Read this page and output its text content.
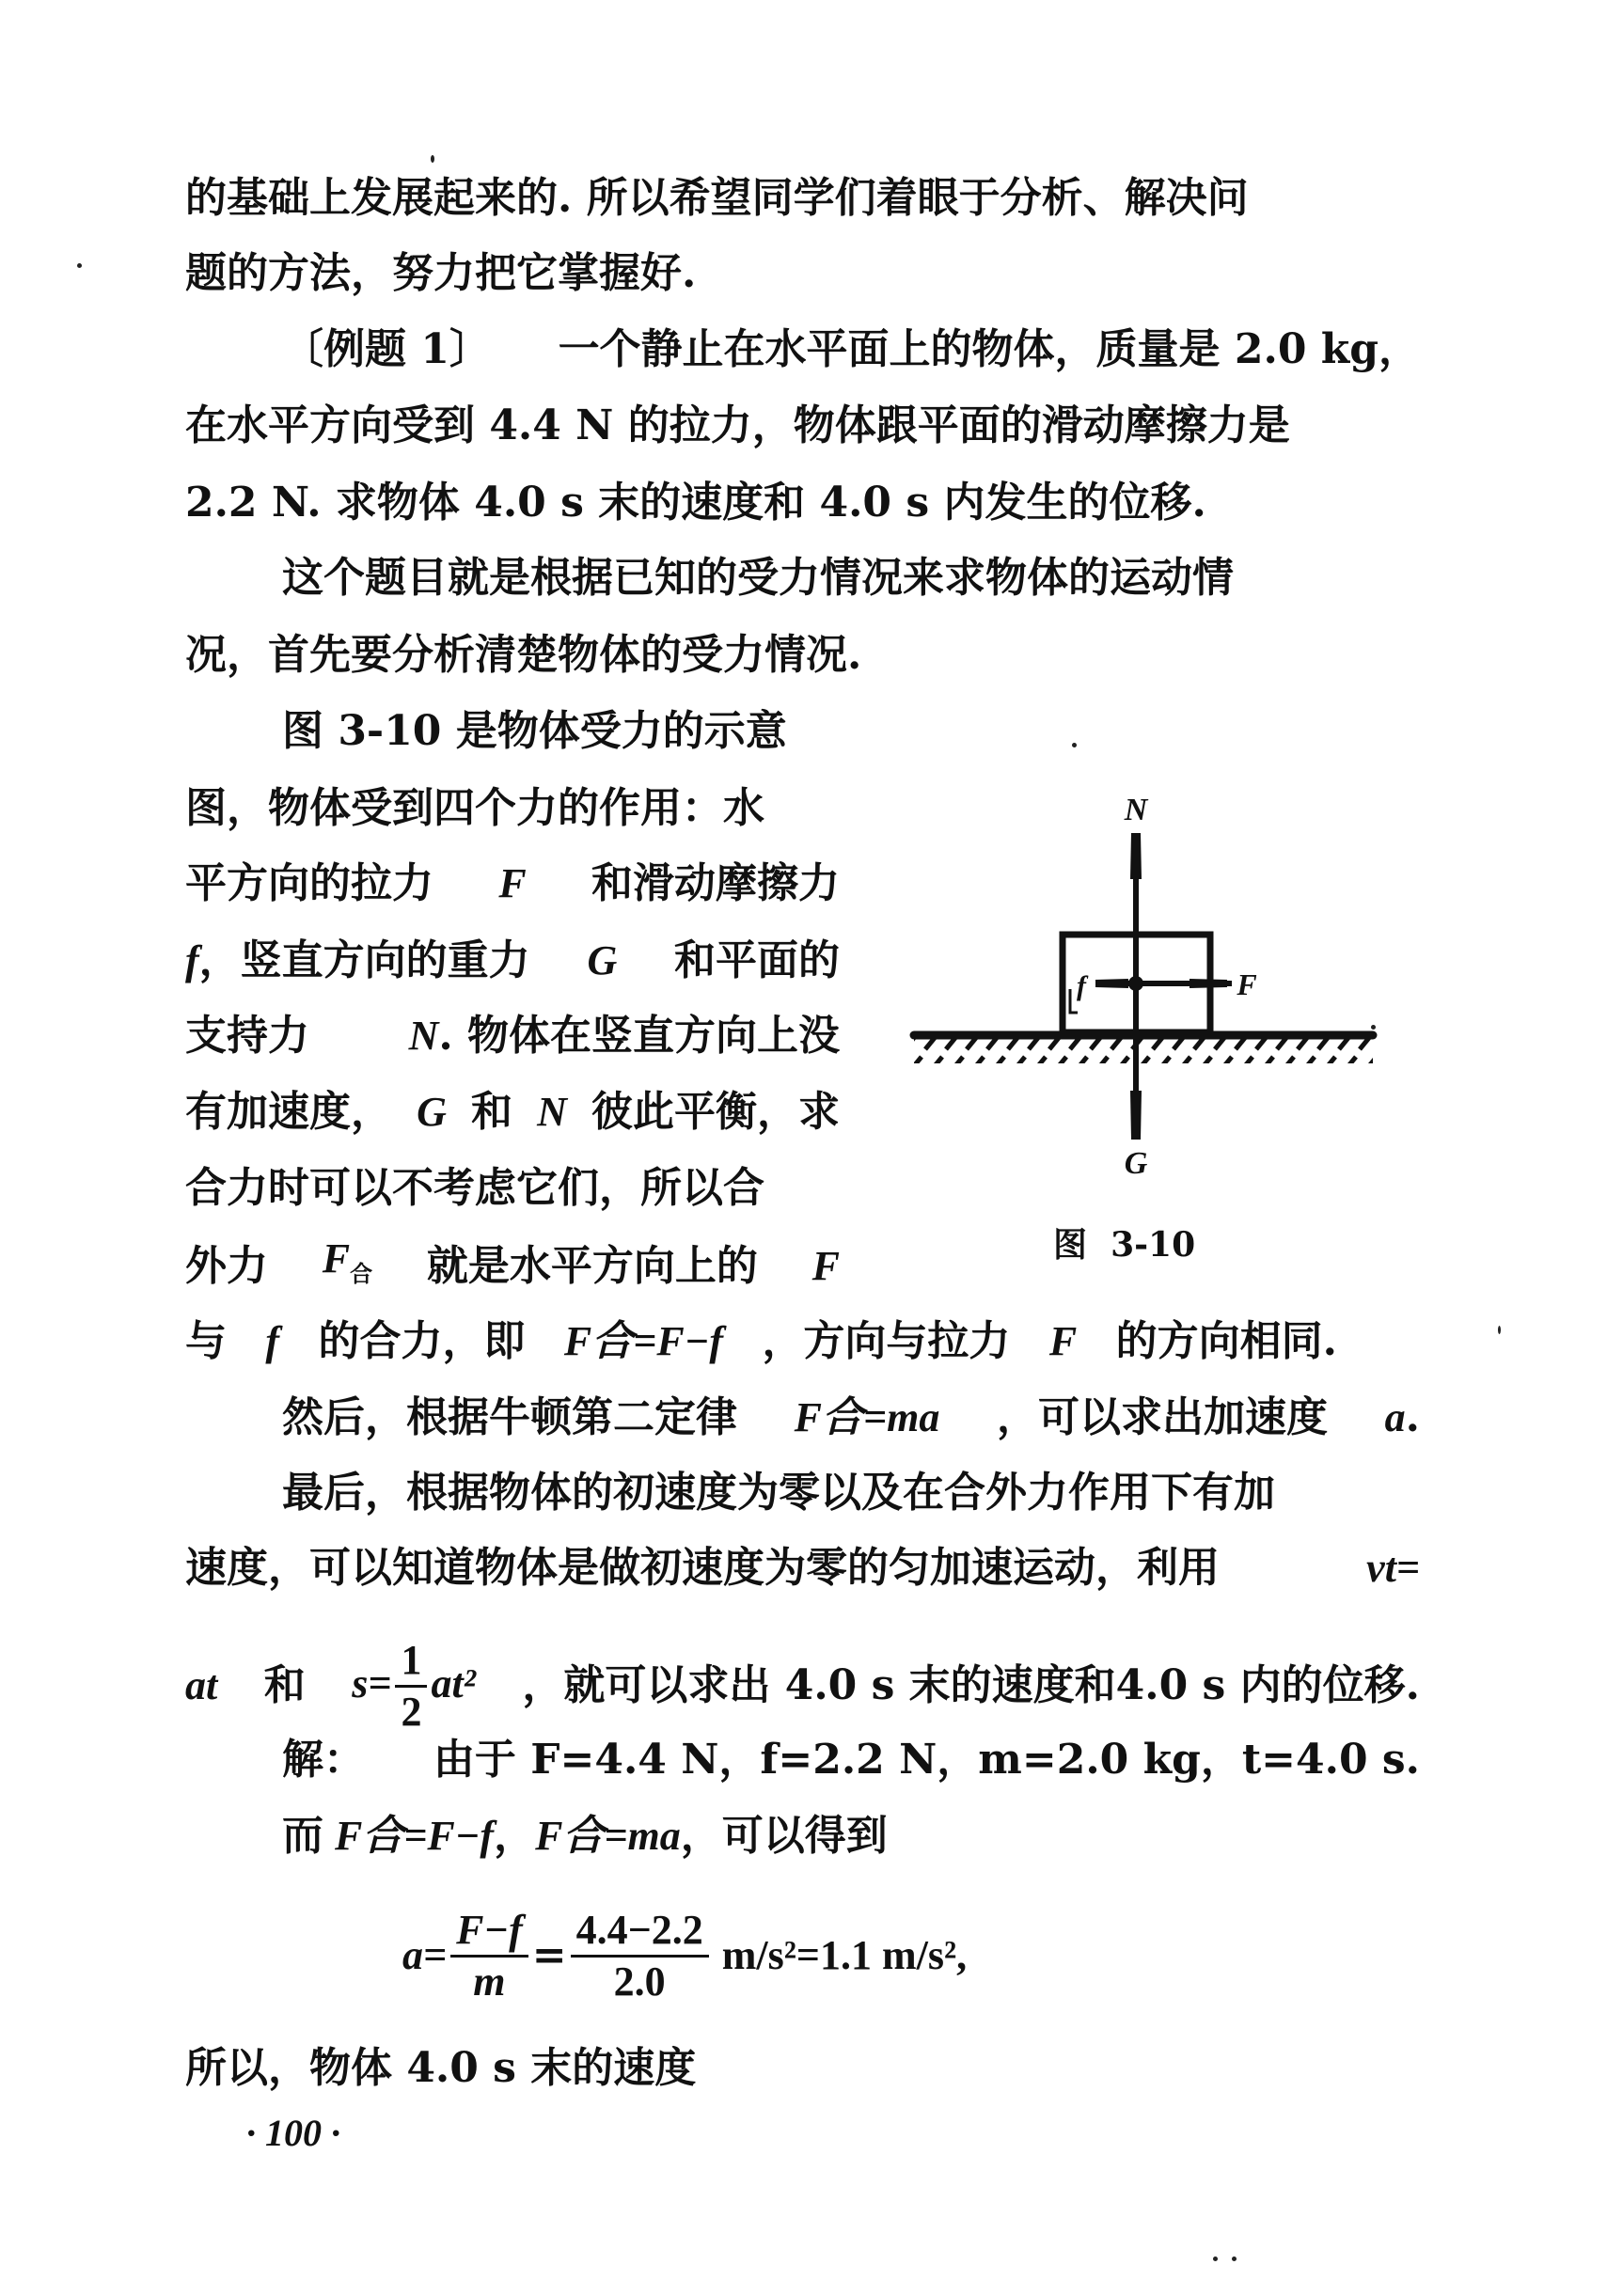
的基础上发展起来的. 所以希望同学们着眼于分析、解决问
题的方法，努力把它掌握好.
〔例题 1〕 一个静止在水平面上的物体，质量是 2.0 kg，
在水平方向受到 4.4 N 的拉力，物体跟平面的滑动摩擦力是
2.2 N. 求物体 4.0 s 末的速度和 4.0 s 内发生的位移.
这个题目就是根据已知的受力情况来求物体的运动情
况，首先要分析清楚物体的受力情况.
图 3-10 是物体受力的示意
图，物体受到四个力的作用：水
平方向的拉力 F 和滑动摩擦力
f，竖直方向的重力 G 和平面的
支持力 N. 物体在竖直方向上没
有加速度， G 和 N 彼此平衡，求
合力时可以不考虑它们，所以合
外力 $F_合$ 就是水平方向上的 F
与 f 的合力，即 F合=F−f ，方向与拉力 F 的方向相同.
然后，根据牛顿第二定律 F合=ma ，可以求出加速度 a.
最后，根据物体的初速度为零以及在合外力作用下有加
速度，可以知道物体是做初速度为零的匀加速运动，利用	vt=
at 和 $s= \frac{1}{2} at^2$ ，就可以求出 4.0 s 末的速度和4.0 s 内的位移.
解： 由于 F=4.4 N，f=2.2 N，m=2.0 kg，t=4.0 s.
而 F合=F−f ， F合=ma ，可以得到
$a= \frac{F-f}{m} = \frac{4.4-2.2}{2.0} m/s^2 =1.1$ m/s²,
所以，物体 4.0 s 末的速度
N
G
F
f
图  3-10
· 100 ·
